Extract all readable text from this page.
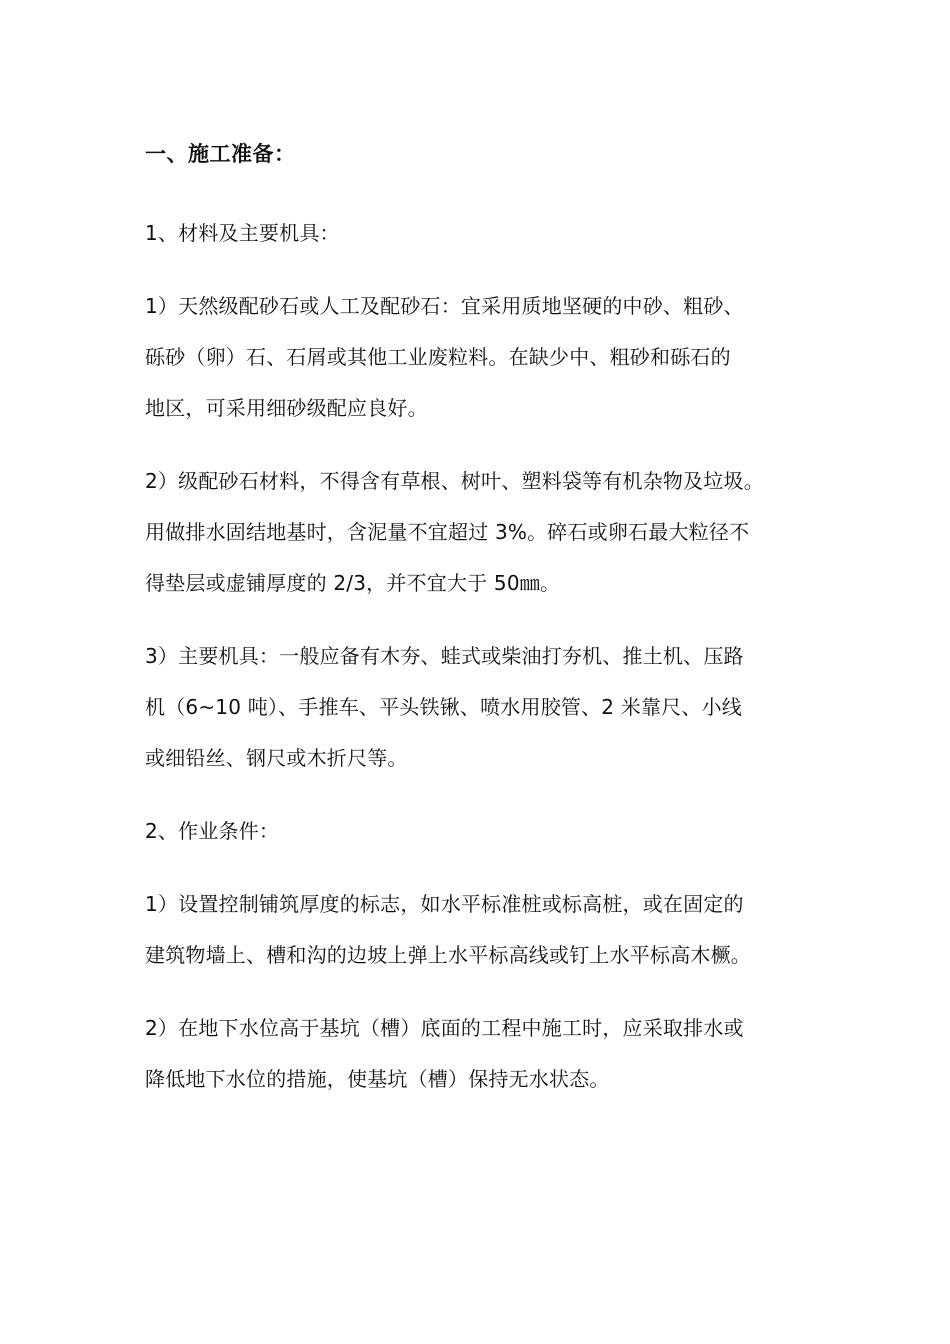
一、施工准备：
1、材料及主要机具：
1）天然级配砂石或人工及配砂石：宜采用质地坚硬的中砂、粗砂、
砾砂（卵）石、石屑或其他工业废粒料。在缺少中、粗砂和砾石的
地区，可采用细砂级配应良好。
2）级配砂石材料，不得含有草根、树叶、塑料袋等有机杂物及垃圾。
用做排水固结地基时，含泥量不宜超过 3%。碎石或卵石最大粒径不
得垫层或虚铺厚度的 2/3，并不宜大于 50㎜。
3）主要机具：一般应备有木夯、蛙式或柴油打夯机、推土机、压路
机（6~10 吨）、手推车、平头铁锹、喷水用胶管、2 米靠尺、小线
或细铅丝、钢尺或木折尺等。
2、作业条件：
1）设置控制铺筑厚度的标志，如水平标准桩或标高桩，或在固定的
建筑物墙上、槽和沟的边坡上弹上水平标高线或钉上水平标高木橛。
2）在地下水位高于基坑（槽）底面的工程中施工时，应采取排水或
降低地下水位的措施，使基坑（槽）保持无水状态。
